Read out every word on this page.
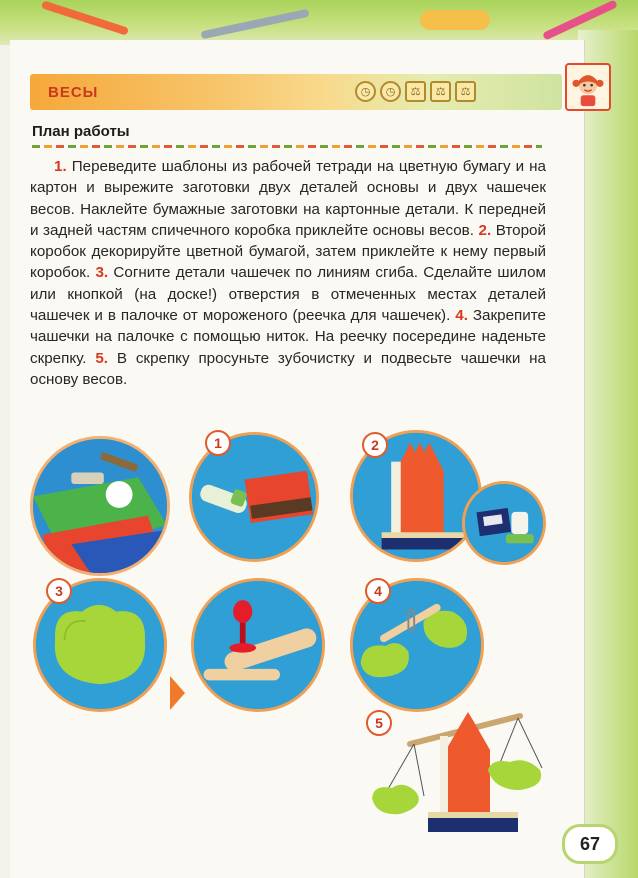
ВЕСЫ	◷	◷	⚖	⚖	⚖
План работы
1. Переведите шаблоны из рабочей тетради на цветную бумагу и на картон и вырежите заготовки двух деталей основы и двух чашечек весов. Наклейте бумажные заготовки на картонные детали. К передней и задней частям спичечного коробка приклейте основы весов. 2. Второй коробок декорируйте цветной бумагой, затем приклейте к нему первый коробок. 3. Согните детали чашечек по линиям сгиба. Сделайте шилом или кнопкой (на доске!) отверстия в отмеченных местах деталей чашечек и в палочке от мороженого (реечка для чашечек). 4. Закрепите чашечки на палочке с помощью ниток. На реечку посередине наденьте скрепку. 5. В скрепку просуньте зубочистку и подвесьте чашечки на основу весов.
1	2
3	4
5
67
